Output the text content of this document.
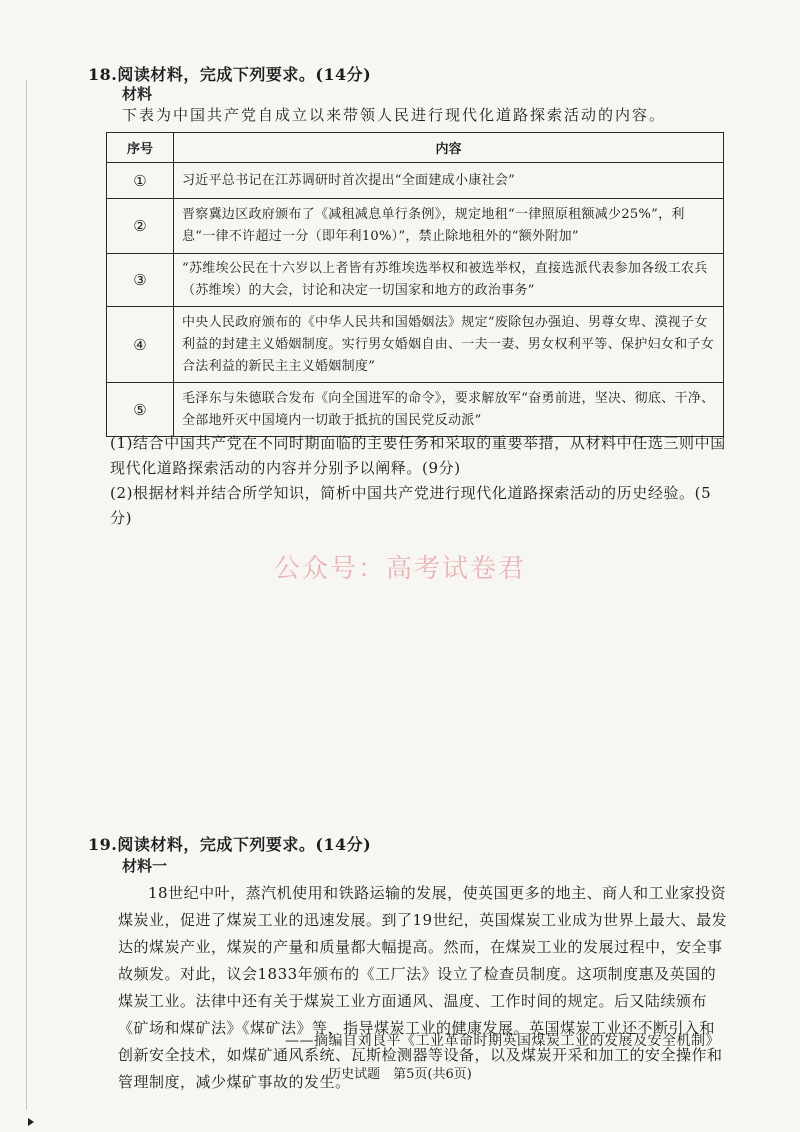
18.阅读材料，完成下列要求。(14分)
材料
下表为中国共产党自成立以来带领人民进行现代化道路探索活动的内容。
序号	内容
①	习近平总书记在江苏调研时首次提出“全面建成小康社会”
②	晋察冀边区政府颁布了《减租减息单行条例》，规定地租“一律照原租额减少25%”，利息“一律不许超过一分（即年利10%）”，禁止除地租外的“额外附加”
③	“苏维埃公民在十六岁以上者皆有苏维埃选举权和被选举权，直接选派代表参加各级工农兵（苏维埃）的大会，讨论和决定一切国家和地方的政治事务”
④	中央人民政府颁布的《中华人民共和国婚姻法》规定“废除包办强迫、男尊女卑、漠视子女利益的封建主义婚姻制度。实行男女婚姻自由、一夫一妻、男女权利平等、保护妇女和子女合法利益的新民主主义婚姻制度”
⑤	毛泽东与朱德联合发布《向全国进军的命令》，要求解放军“奋勇前进，坚决、彻底、干净、全部地歼灭中国境内一切敢于抵抗的国民党反动派”
(1)结合中国共产党在不同时期面临的主要任务和采取的重要举措，从材料中任选三则中国现代化道路探索活动的内容并分别予以阐释。(9分)
(2)根据材料并结合所学知识，简析中国共产党进行现代化道路探索活动的历史经验。(5分)
公众号：高考试卷君
19.阅读材料，完成下列要求。(14分)
材料一

18世纪中叶，蒸汽机使用和铁路运输的发展，使英国更多的地主、商人和工业家投资煤炭业，促进了煤炭工业的迅速发展。到了19世纪，英国煤炭工业成为世界上最大、最发达的煤炭产业，煤炭的产量和质量都大幅提高。然而，在煤炭工业的发展过程中，安全事故频发。对此，议会1833年颁布的《工厂法》设立了检查员制度。这项制度惠及英国的煤炭工业。法律中还有关于煤炭工业方面通风、温度、工作时间的规定。后又陆续颁布《矿场和煤矿法》《煤矿法》等，指导煤炭工业的健康发展。英国煤炭工业还不断引入和创新安全技术，如煤矿通风系统、瓦斯检测器等设备，以及煤炭开采和加工的安全操作和管理制度，减少煤矿事故的发生。

——摘编自刘良平《工业革命时期英国煤炭工业的发展及安全机制》
历史试题　第5页(共6页)
